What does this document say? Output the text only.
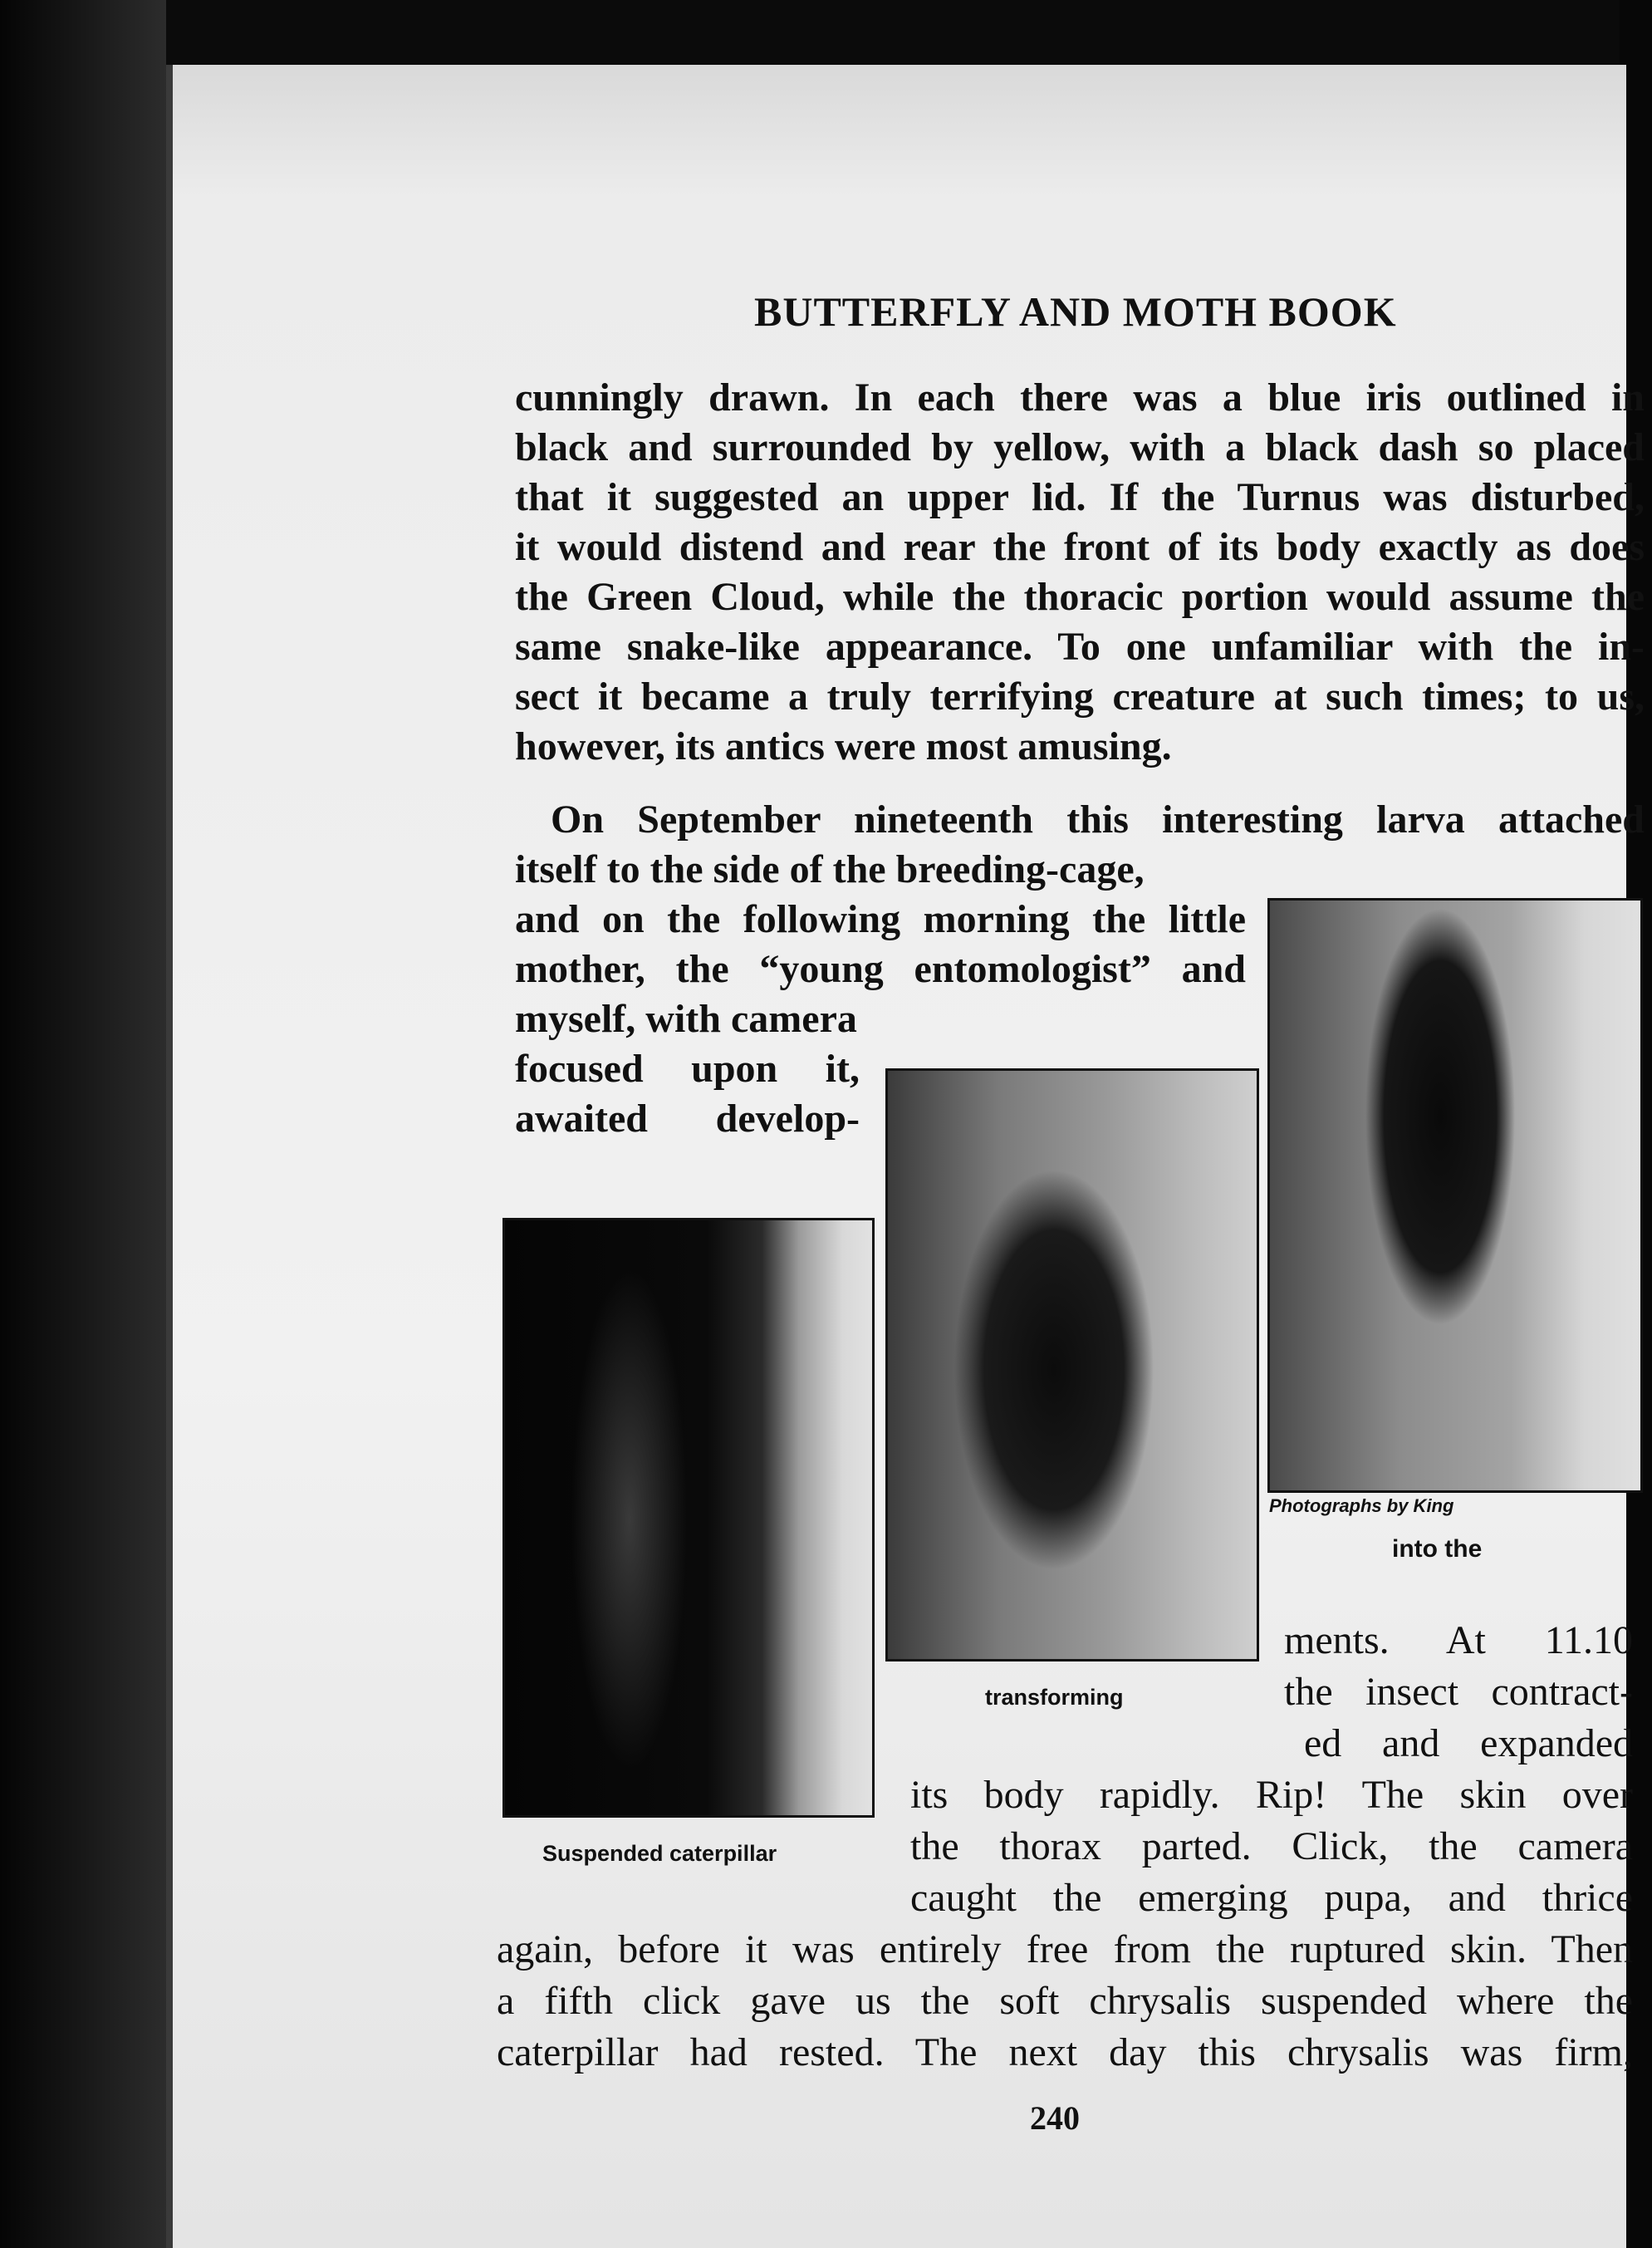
BUTTERFLY AND MOTH BOOK
cunningly drawn. In each there was a blue iris outlined in
black and surrounded by yellow, with a black dash so placed
that it suggested an upper lid. If the Turnus was disturbed,
it would distend and rear the front of its body exactly as does
the Green Cloud, while the thoracic portion would assume the
same snake-like appearance. To one unfamiliar with the in-
sect it became a truly terrifying creature at such times; to us,
however, its antics were most amusing.
On September nineteenth this interesting larva attached
itself to the side of the breeding-cage,
and on the following morning the little
mother, the “young entomologist” and
myself, with camera
focused upon it,
awaited develop-
Photographs by King
into the
transforming
Suspended caterpillar
ments. At 11.10
the insect contract-
ed and expanded
its body rapidly. Rip! The skin over
the thorax parted. Click, the camera
caught the emerging pupa, and thrice
again, before it was entirely free from the ruptured skin. Then
a fifth click gave us the soft chrysalis suspended where the
caterpillar had rested. The next day this chrysalis was firm,
240
